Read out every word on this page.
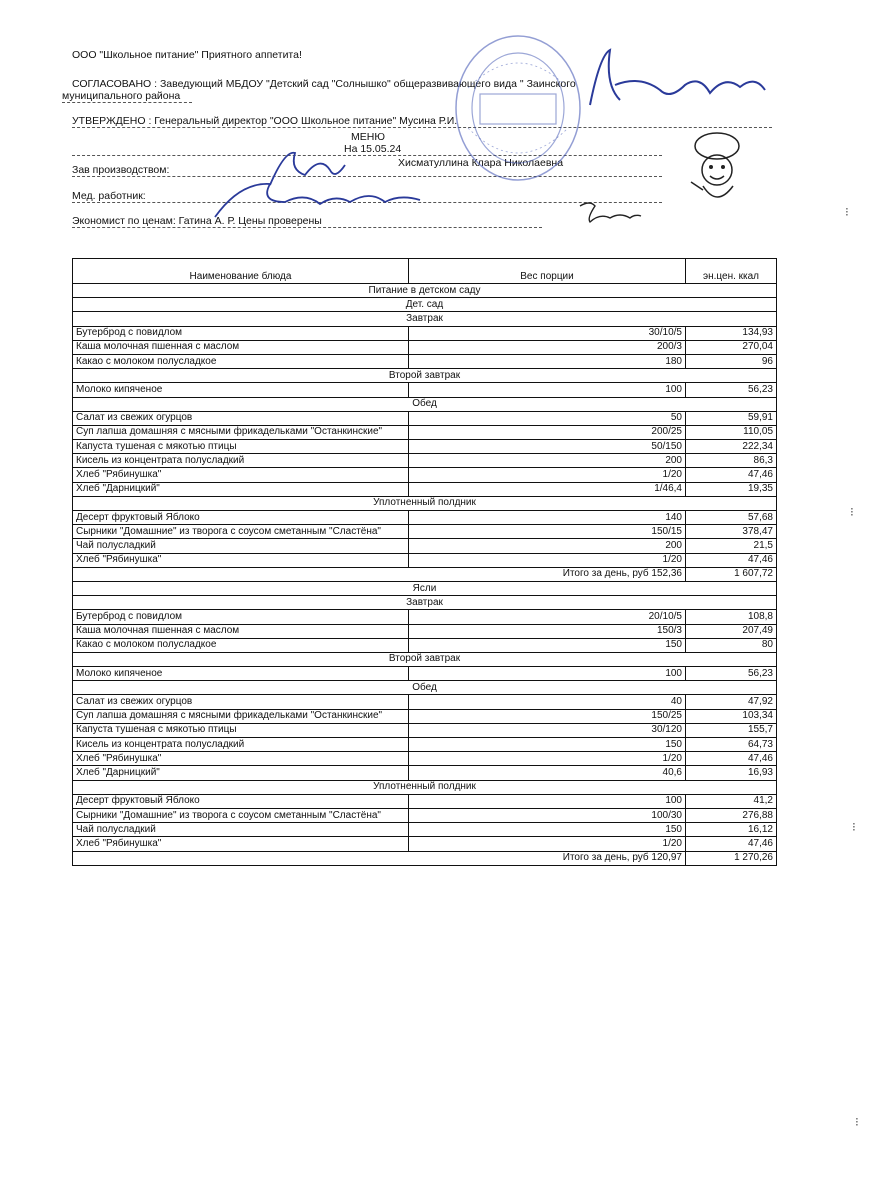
ООО "Школьное питание" Приятного аппетита!
СОГЛАСОВАНО : Заведующий МБДОУ "Детский сад "Солнышко" общеразвивающего вида " Заинского
муниципального района
УТВЕРЖДЕНО : Генеральный директор "ООО Школьное питание" Мусина Р.И.
МЕНЮ
На 15.05.24
Зав производством:
Хисматуллина Клара Николаевна
Мед. работник:
Экономист по ценам: Гатина А. Р. Цены проверены
Наименование блюда	Вес порции	эн.цен. ккал
Питание в детском саду		
Дет. сад		
Завтрак		
Бутерброд с повидлом	30/10/5	134,93
Каша молочная пшенная с маслом	200/3	270,04
Какао с молоком полусладкое	180	96
Второй завтрак		
Молоко кипяченое	100	56,23
Обед		
Салат из свежих огурцов	50	59,91
Суп лапша домашняя с мясными фрикадельками "Останкинские"	200/25	110,05
Капуста тушеная с мякотью птицы	50/150	222,34
Кисель из концентрата полусладкий	200	86,3
Хлеб "Рябинушка"	1/20	47,46
Хлеб "Дарницкий"	1/46,4	19,35
Уплотненный полдник		
Десерт фруктовый Яблоко	140	57,68
Сырники "Домашние" из творога с соусом сметанным "Сластёна"	150/15	378,47
Чай полусладкий	200	21,5
Хлеб "Рябинушка"	1/20	47,46
	Итого за день, руб 152,36	1 607,72
Ясли		
Завтрак		
Бутерброд с повидлом	20/10/5	108,8
Каша молочная пшенная с маслом	150/3	207,49
Какао с молоком полусладкое	150	80
Второй завтрак		
Молоко кипяченое	100	56,23
Обед		
Салат из свежих огурцов	40	47,92
Суп лапша домашняя с мясными фрикадельками "Останкинские"	150/25	103,34
Капуста тушеная с мякотью птицы	30/120	155,7
Кисель из концентрата полусладкий	150	64,73
Хлеб "Рябинушка"	1/20	47,46
Хлеб "Дарницкий"	40,6	16,93
Уплотненный полдник		
Десерт фруктовый Яблоко	100	41,2
Сырники "Домашние" из творога с соусом сметанным "Сластёна"	100/30	276,88
Чай полусладкий	150	16,12
Хлеб "Рябинушка"	1/20	47,46
	Итого за день, руб 120,97	1 270,26
⁝
⁝
⁝
⁝
